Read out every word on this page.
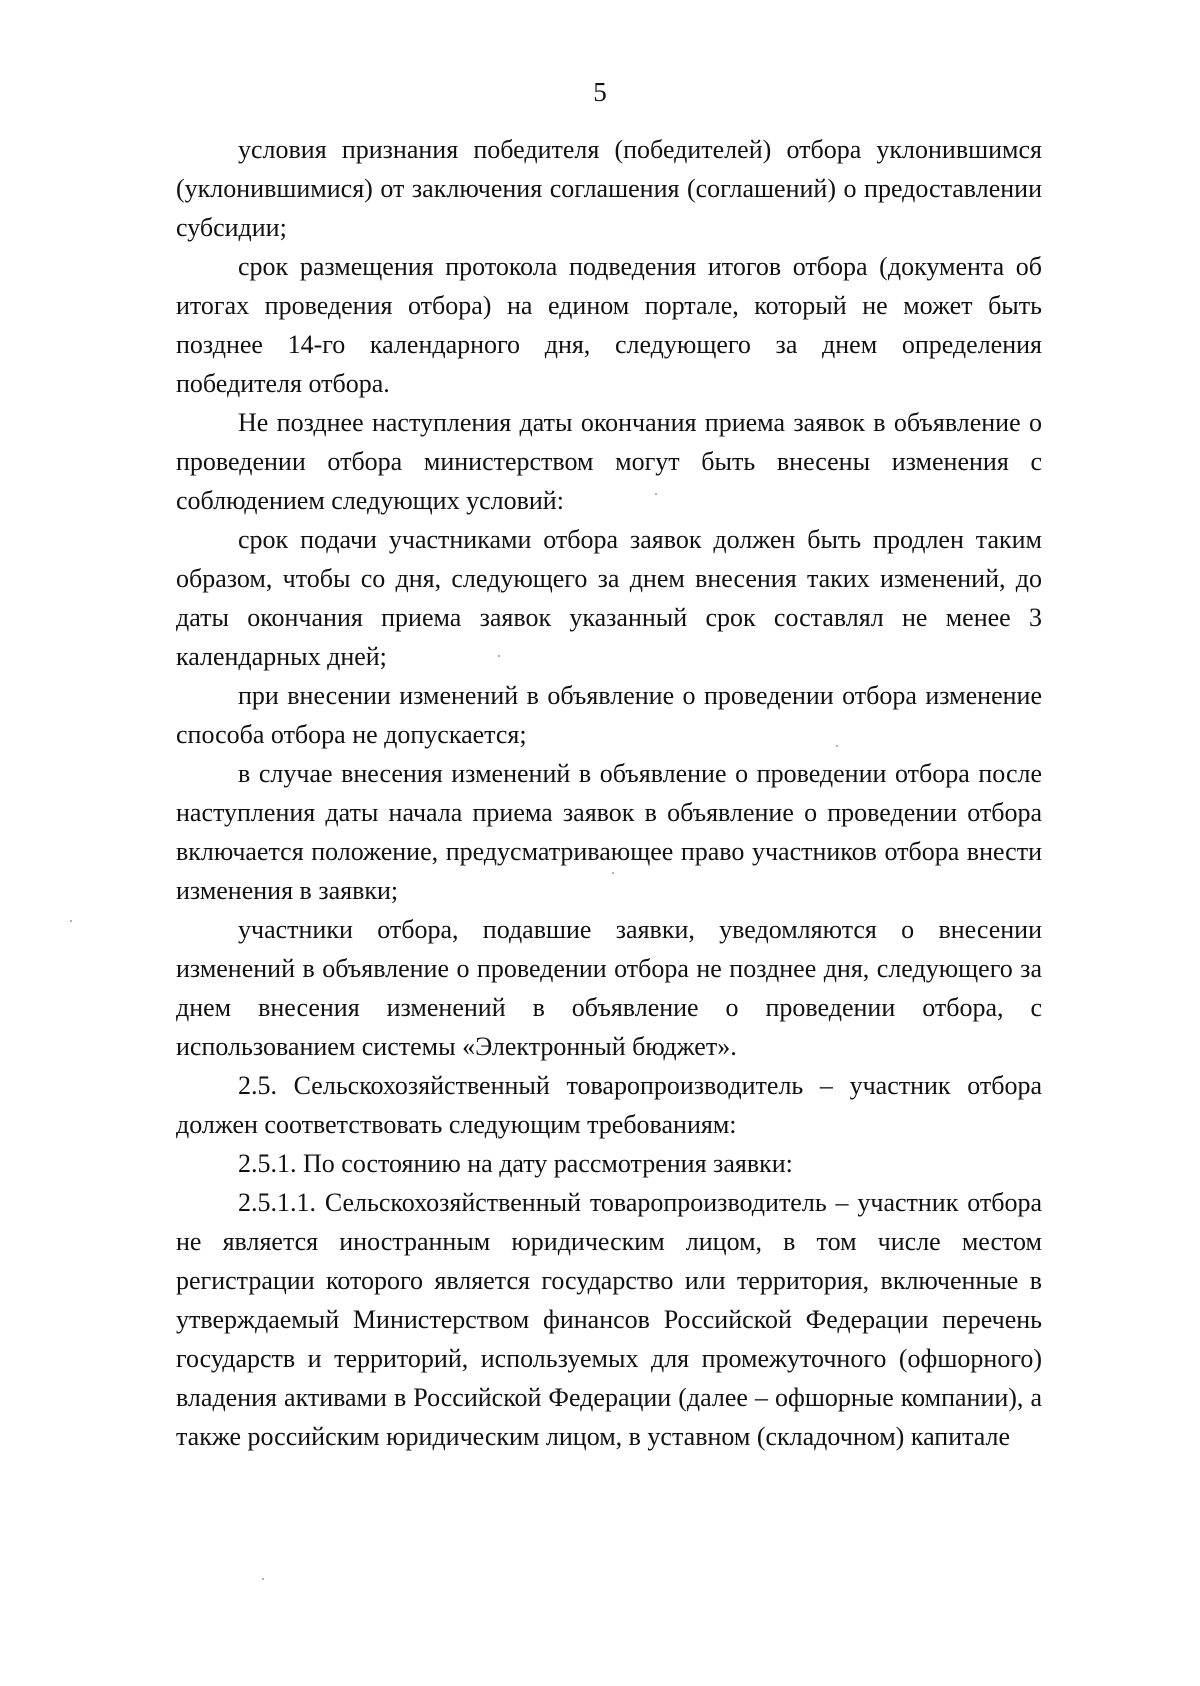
5

условия признания победителя (победителей) отбора уклонившимся (уклонившимися) от заключения соглашения (соглашений) о предоставлении субсидии;

срок размещения протокола подведения итогов отбора (документа об итогах проведения отбора) на едином портале, который не может быть позднее 14-го календарного дня, следующего за днем определения победителя отбора.

Не позднее наступления даты окончания приема заявок в объявление о проведении отбора министерством могут быть внесены изменения с соблюдением следующих условий:

срок подачи участниками отбора заявок должен быть продлен таким образом, чтобы со дня, следующего за днем внесения таких изменений, до даты окончания приема заявок указанный срок составлял не менее 3 календарных дней;

при внесении изменений в объявление о проведении отбора изменение способа отбора не допускается;

в случае внесения изменений в объявление о проведении отбора после наступления даты начала приема заявок в объявление о проведении отбора включается положение, предусматривающее право участников отбора внести изменения в заявки;

участники отбора, подавшие заявки, уведомляются о внесении изменений в объявление о проведении отбора не позднее дня, следующего за днем внесения изменений в объявление о проведении отбора, с использованием системы «Электронный бюджет».

2.5. Сельскохозяйственный товаропроизводитель – участник отбора должен соответствовать следующим требованиям:

2.5.1. По состоянию на дату рассмотрения заявки:

2.5.1.1. Сельскохозяйственный товаропроизводитель – участник отбора не является иностранным юридическим лицом, в том числе местом регистрации которого является государство или территория, включенные в утверждаемый Министерством финансов Российской Федерации перечень государств и территорий, используемых для промежуточного (офшорного) владения активами в Российской Федерации (далее – офшорные компании), а также российским юридическим лицом, в уставном (складочном) капитале
